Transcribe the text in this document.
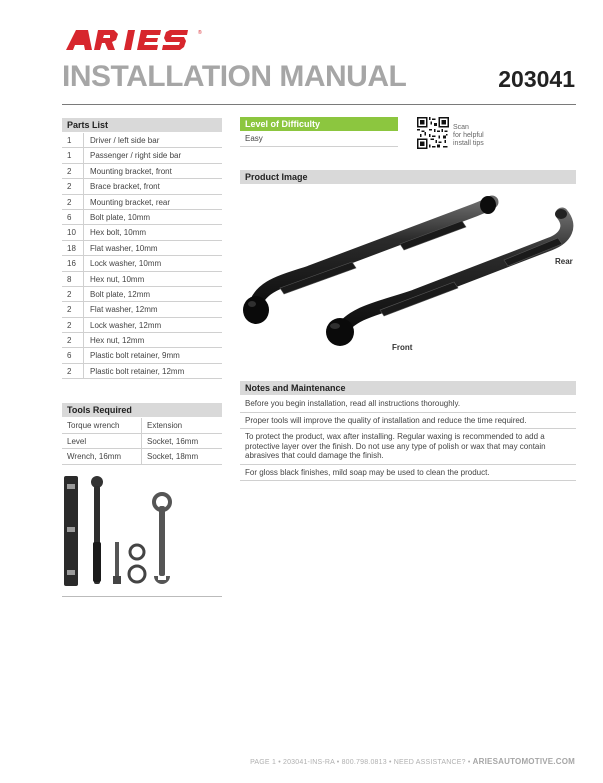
®
INSTALLATION MANUAL	203041
Parts List
1	Driver / left side bar
1	Passenger / right side bar
2	Mounting bracket, front
2	Brace bracket, front
2	Mounting bracket, rear
6	Bolt plate, 10mm
10	Hex bolt, 10mm
18	Flat washer, 10mm
16	Lock washer, 10mm
8	Hex nut, 10mm
2	Bolt plate, 12mm
2	Flat washer, 12mm
2	Lock washer, 12mm
2	Hex nut, 12mm
6	Plastic bolt retainer, 9mm
2	Plastic bolt retainer, 12mm
Tools Required
Torque wrench	Extension
Level	Socket, 16mm
Wrench, 16mm	Socket, 18mm
Level of Difficulty
Easy
Scan
for helpful
install tips
Product Image
Rear
Front
Notes and Maintenance
Before you begin installation, read all instructions thoroughly.
Proper tools will improve the quality of installation and reduce the time required.
To protect the product, wax after installing. Regular waxing is recommended to add a protective layer over the finish. Do not use any type of polish or wax that may contain abrasives that could damage the finish.
For gloss black finishes, mild soap may be used to clean the product.
PAGE 1 • 203041-INS-RA • 800.798.0813 • NEED ASSISTANCE? • ARIESAUTOMOTIVE.COM
